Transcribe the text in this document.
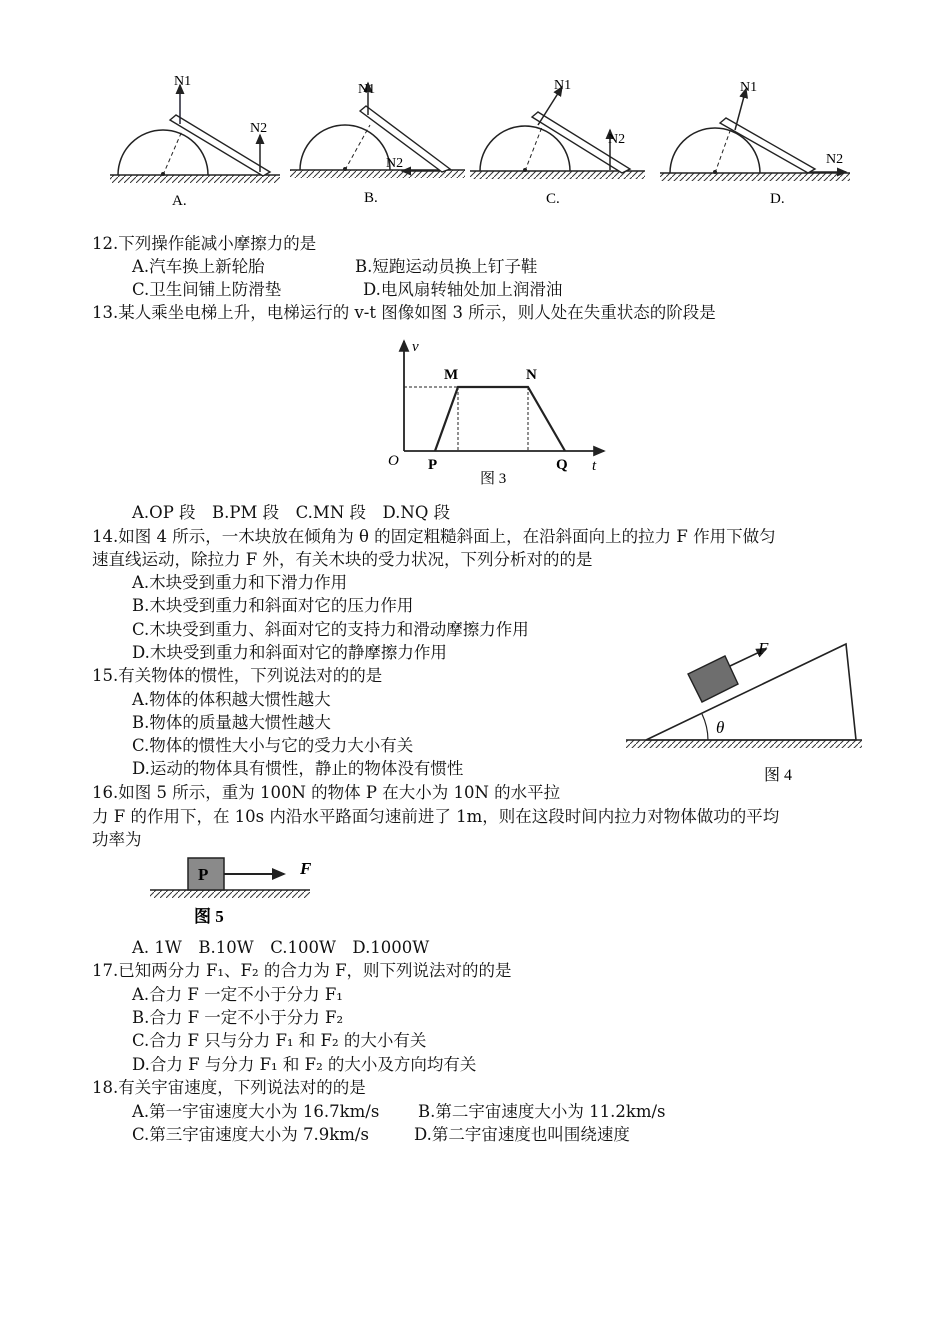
N1
N2
A.
N1
N2
B.
N1
N2
C.
N1
N2
D.
12.下列操作能减小摩擦力的是
A.汽车换上新轮胎	B.短跑运动员换上钉子鞋
C.卫生间铺上防滑垫	D.电风扇转轴处加上润滑油
13.某人乘坐电梯上升，电梯运行的 v-t 图像如图 3 所示，则人处在失重状态的阶段是
v
t
O
M	N
P	Q
图 3
A.OP 段　B.PM 段　C.MN 段　D.NQ 段
14.如图 4 所示，一木块放在倾角为 θ 的固定粗糙斜面上，在沿斜面向上的拉力 F 作用下做匀
速直线运动，除拉力 F 外，有关木块的受力状况，下列分析对的的是
A.木块受到重力和下滑力作用
B.木块受到重力和斜面对它的压力作用
C.木块受到重力、斜面对它的支持力和滑动摩擦力作用
D.木块受到重力和斜面对它的静摩擦力作用
θ
F
图 4
15.有关物体的惯性，下列说法对的的是
A.物体的体积越大惯性越大
B.物体的质量越大惯性越大
C.物体的惯性大小与它的受力大小有关
D.运动的物体具有惯性，静止的物体没有惯性
16.如图 5 所示，重为 100N 的物体 P 在大小为 10N 的水平拉
力 F 的作用下，在 10s 内沿水平路面匀速前进了 1m，则在这段时间内拉力对物体做功的平均
功率为
P	F
图 5
A. 1W　B.10W　C.100W　D.1000W
17.已知两分力 F₁、F₂ 的合力为 F，则下列说法对的的是
A.合力 F 一定不小于分力 F₁
B.合力 F 一定不小于分力 F₂
C.合力 F 只与分力 F₁ 和 F₂ 的大小有关
D.合力 F 与分力 F₁ 和 F₂ 的大小及方向均有关
18.有关宇宙速度，下列说法对的的是
A.第一宇宙速度大小为 16.7km/s B.第二宇宙速度大小为 11.2km/s
C.第三宇宙速度大小为 7.9km/s	D.第二宇宙速度也叫围绕速度
